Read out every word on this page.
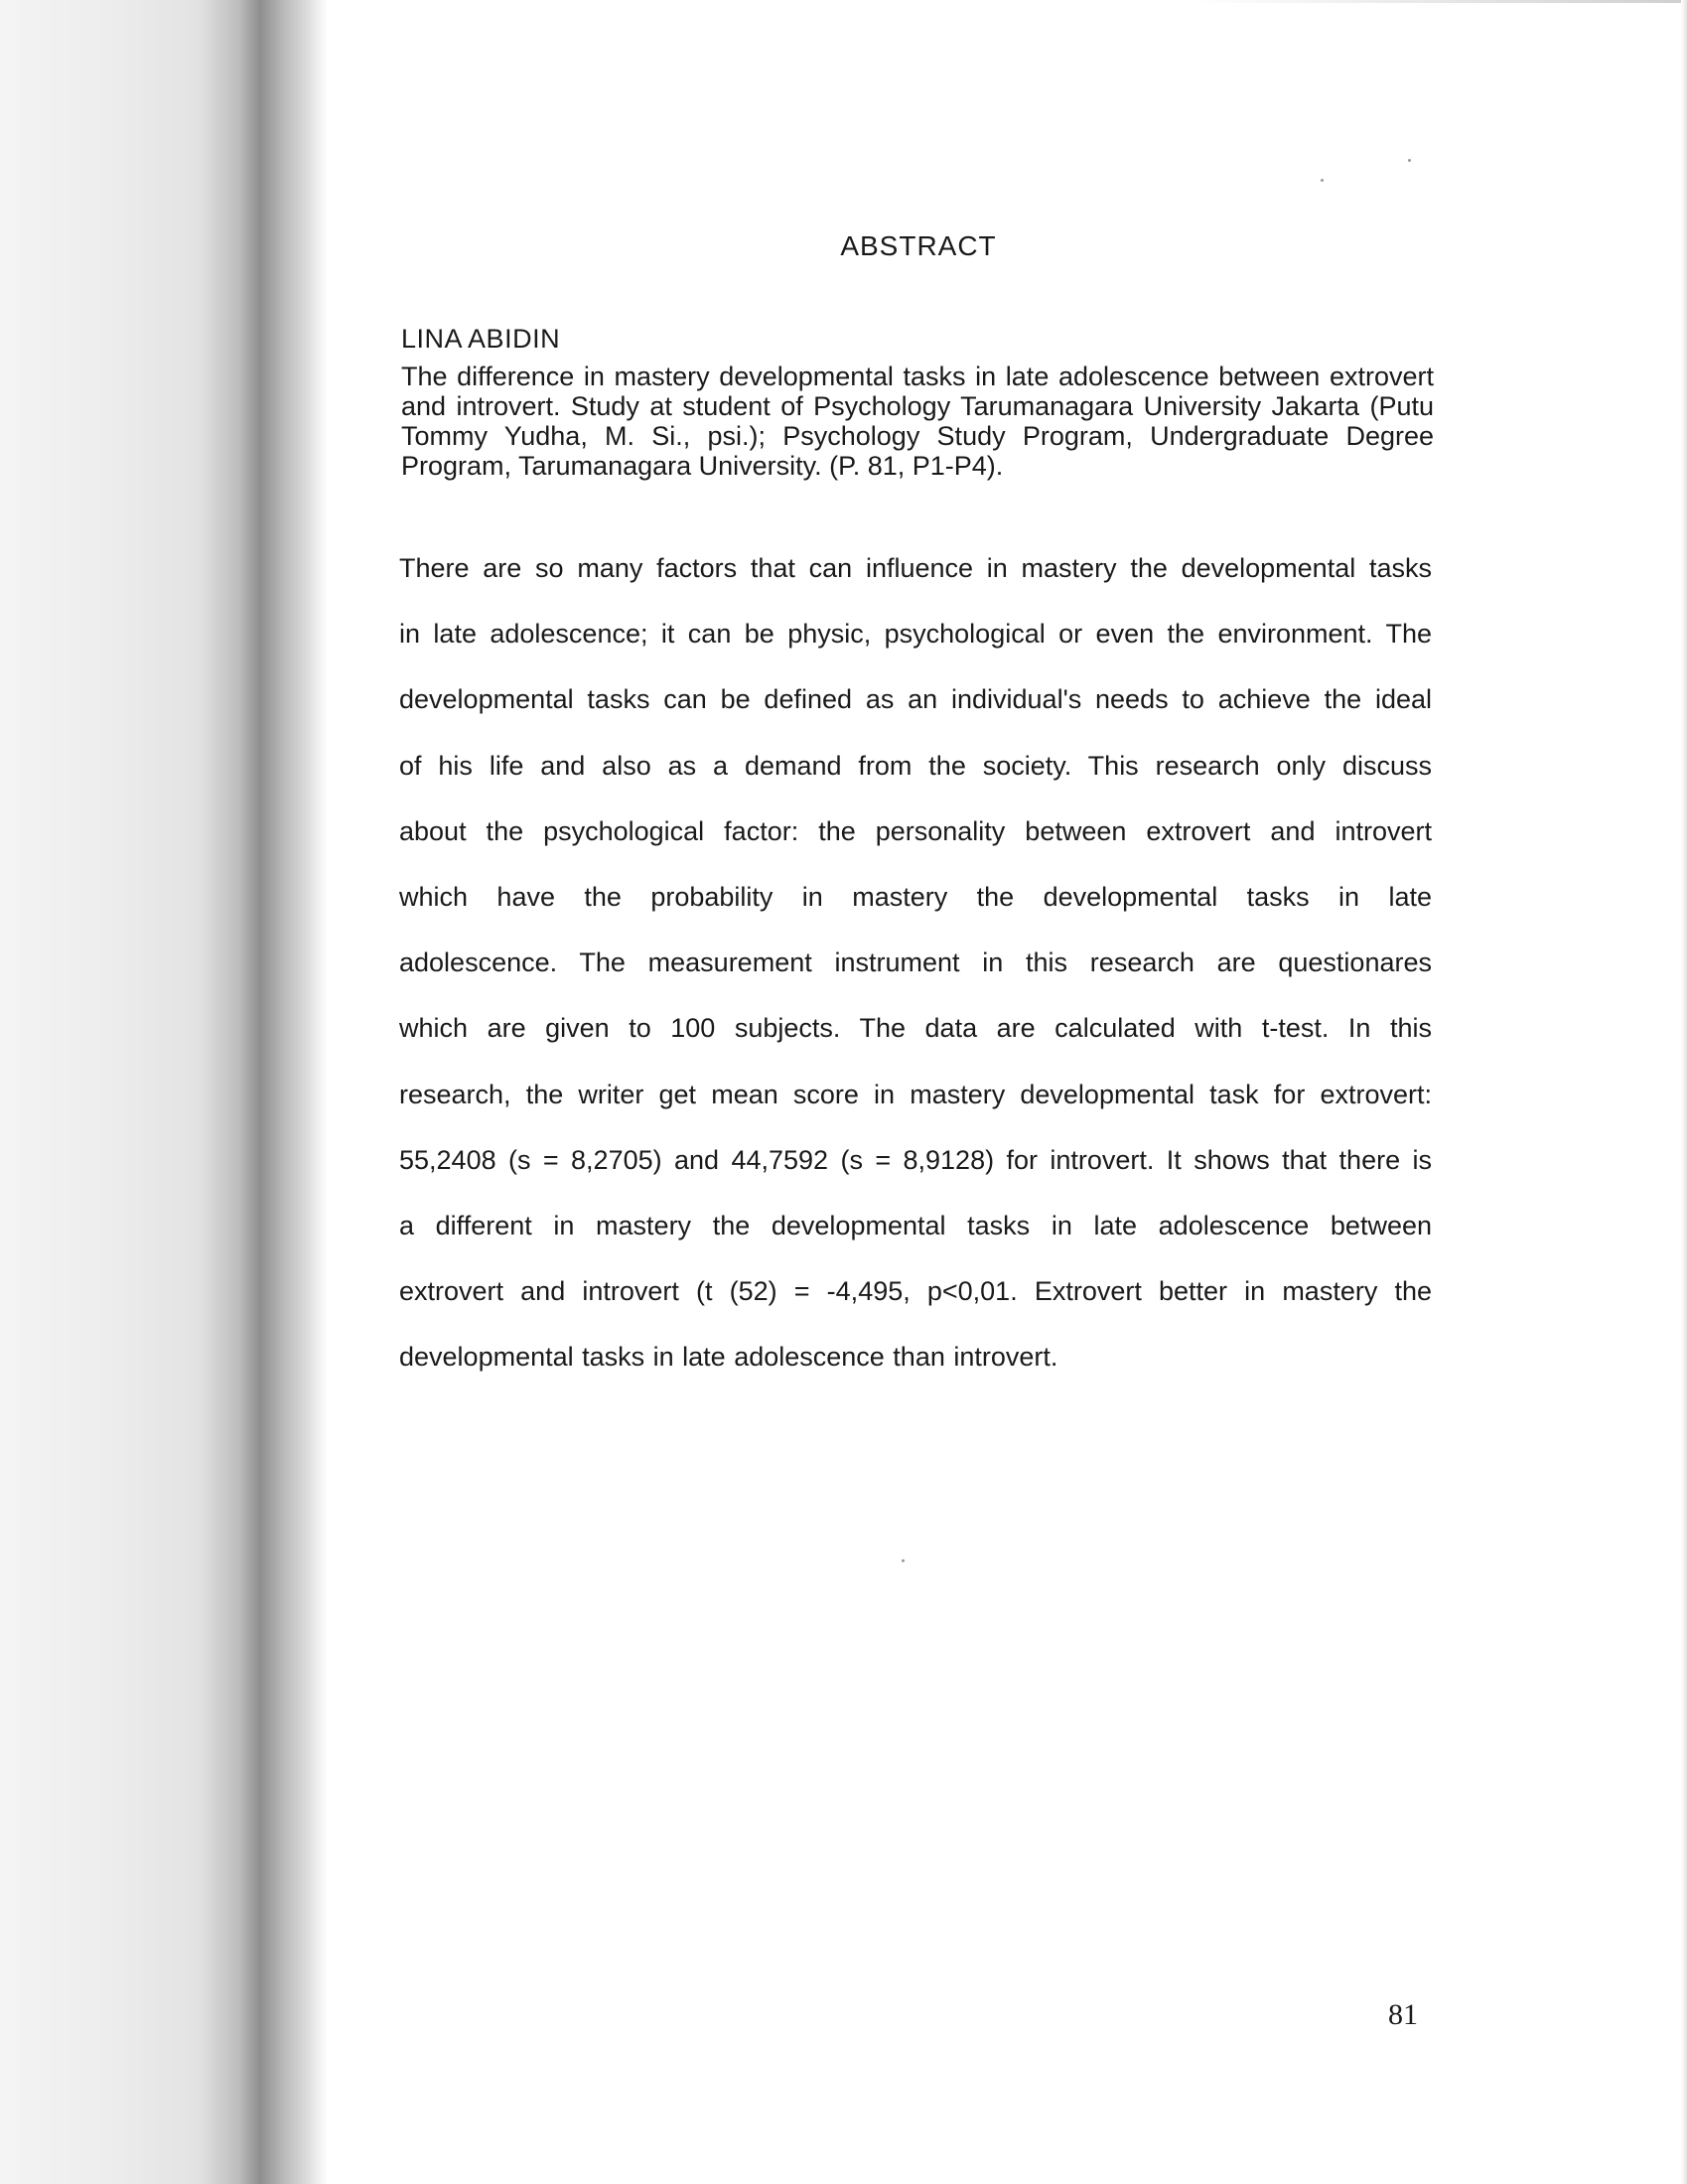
ABSTRACT
LINA ABIDIN
The difference in mastery developmental tasks in late adolescence between extrovert and introvert. Study at student of Psychology Tarumanagara University Jakarta (Putu Tommy Yudha, M. Si., psi.); Psychology Study Program, Undergraduate Degree Program, Tarumanagara University. (P. 81, P1-P4).
There are so many factors that can influence in mastery the developmental tasks
in late adolescence; it can be physic, psychological or even the environment. The
developmental tasks can be defined as an individual's needs to achieve the ideal
of his life and also as a demand from the society. This research only discuss
about the psychological factor: the personality between extrovert and introvert
which have the probability in mastery the developmental tasks in late
adolescence. The measurement instrument in this research are questionares
which are given to 100 subjects. The data are calculated with t-test. In this
research, the writer get mean score in mastery developmental task for extrovert:
55,2408 (s = 8,2705) and 44,7592 (s = 8,9128) for introvert. It shows that there is
a different in mastery the developmental tasks in late adolescence between
extrovert and introvert (t (52) = -4,495, p<0,01. Extrovert better in mastery the
developmental tasks in late adolescence than introvert.
81
